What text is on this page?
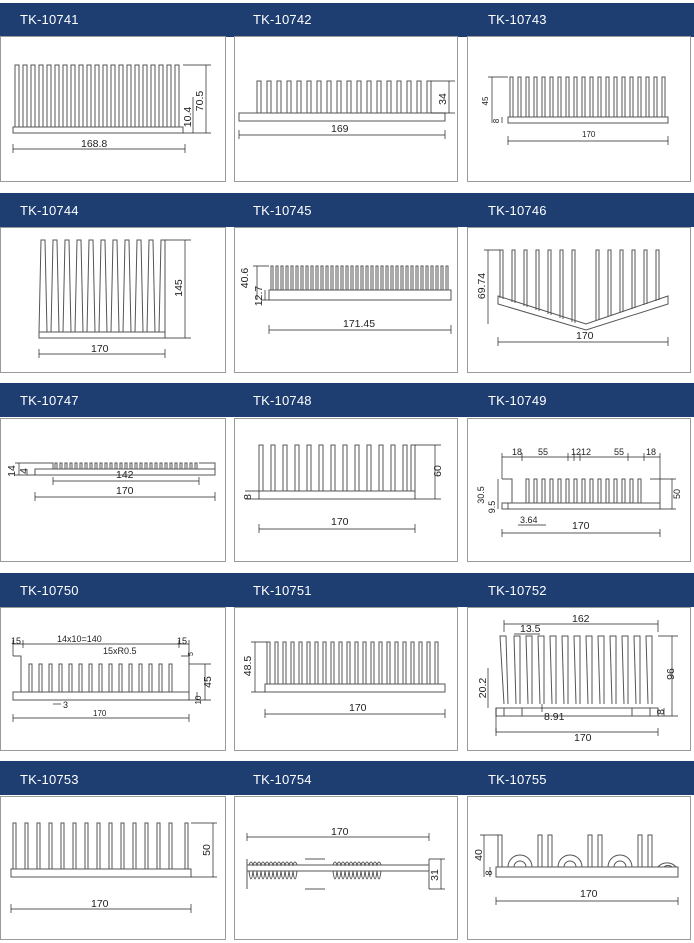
TK-10741	TK-10742	TK-10743
168.8
70.5
10.4
169
34
170
45
8
TK-10744	TK-10745	TK-10746
170
145
171.45
40.6
12.7
170
69.74
TK-10747	TK-10748	TK-10749
170
142
14 4
170
60
8
18 55	12 12	55 18
170
3.64
30.5
9.5
50
TK-10750	TK-10751	TK-10752
15	14x10=140	15
15xR0.5
3
170
45
10
5
170
48.5
162
13.5
8.91
170
20.2
96
8
TK-10753	TK-10754	TK-10755
170
50
170
31
170
40
8
